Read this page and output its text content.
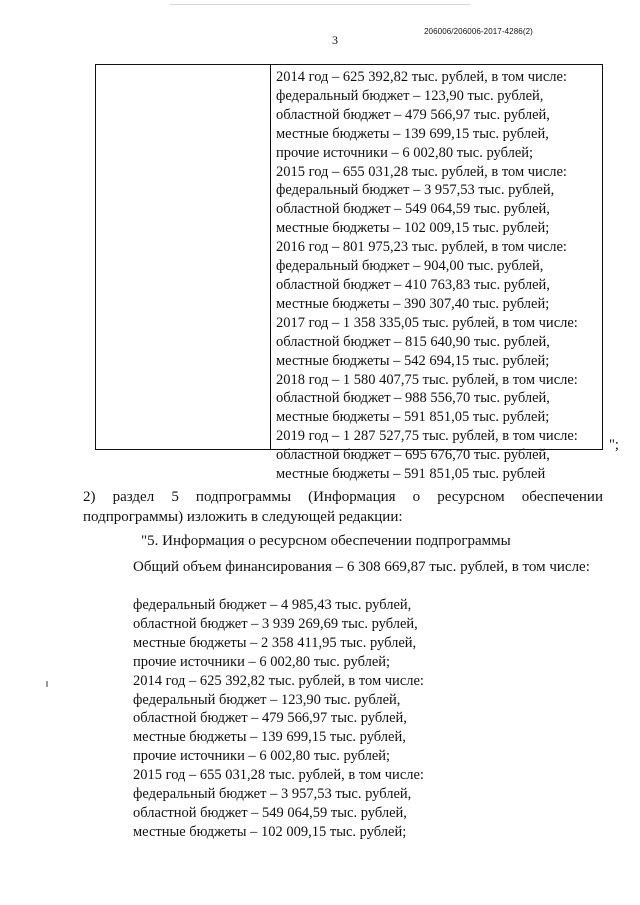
206006/206006-2017-4286(2)
3
2014 год – 625 392,82 тыс. рублей, в том числе:
федеральный бюджет – 123,90 тыс. рублей,
областной бюджет – 479 566,97 тыс. рублей,
местные бюджеты – 139 699,15 тыс. рублей,
прочие источники – 6 002,80 тыс. рублей;
2015 год – 655 031,28 тыс. рублей, в том числе:
федеральный бюджет – 3 957,53 тыс. рублей,
областной бюджет – 549 064,59 тыс. рублей,
местные бюджеты – 102 009,15 тыс. рублей;
2016 год – 801 975,23 тыс. рублей, в том числе:
федеральный бюджет – 904,00 тыс. рублей,
областной бюджет – 410 763,83 тыс. рублей,
местные бюджеты – 390 307,40 тыс. рублей;
2017 год – 1 358 335,05 тыс. рублей, в том числе:
областной бюджет – 815 640,90 тыс. рублей,
местные бюджеты – 542 694,15 тыс. рублей;
2018 год – 1 580 407,75 тыс. рублей, в том числе:
областной бюджет – 988 556,70 тыс. рублей,
местные бюджеты – 591 851,05 тыс. рублей;
2019 год – 1 287 527,75 тыс. рублей, в том числе:
областной бюджет – 695 676,70 тыс. рублей,
местные бюджеты – 591 851,05 тыс. рублей
";

2) раздел 5 подпрограммы (Информация о ресурсном обеспечении подпрограммы) изложить в следующей редакции:

"5. Информация о ресурсном обеспечении подпрограммы

Общий объем финансирования – 6 308 669,87 тыс. рублей, в том числе:

федеральный бюджет – 4 985,43 тыс. рублей,
областной бюджет – 3 939 269,69 тыс. рублей,
местные бюджеты – 2 358 411,95 тыс. рублей,
прочие источники – 6 002,80 тыс. рублей;
2014 год – 625 392,82 тыс. рублей, в том числе:
федеральный бюджет – 123,90 тыс. рублей,
областной бюджет – 479 566,97 тыс. рублей,
местные бюджеты – 139 699,15 тыс. рублей,
прочие источники – 6 002,80 тыс. рублей;
2015 год – 655 031,28 тыс. рублей, в том числе:
федеральный бюджет – 3 957,53 тыс. рублей,
областной бюджет – 549 064,59 тыс. рублей,
местные бюджеты – 102 009,15 тыс. рублей;
